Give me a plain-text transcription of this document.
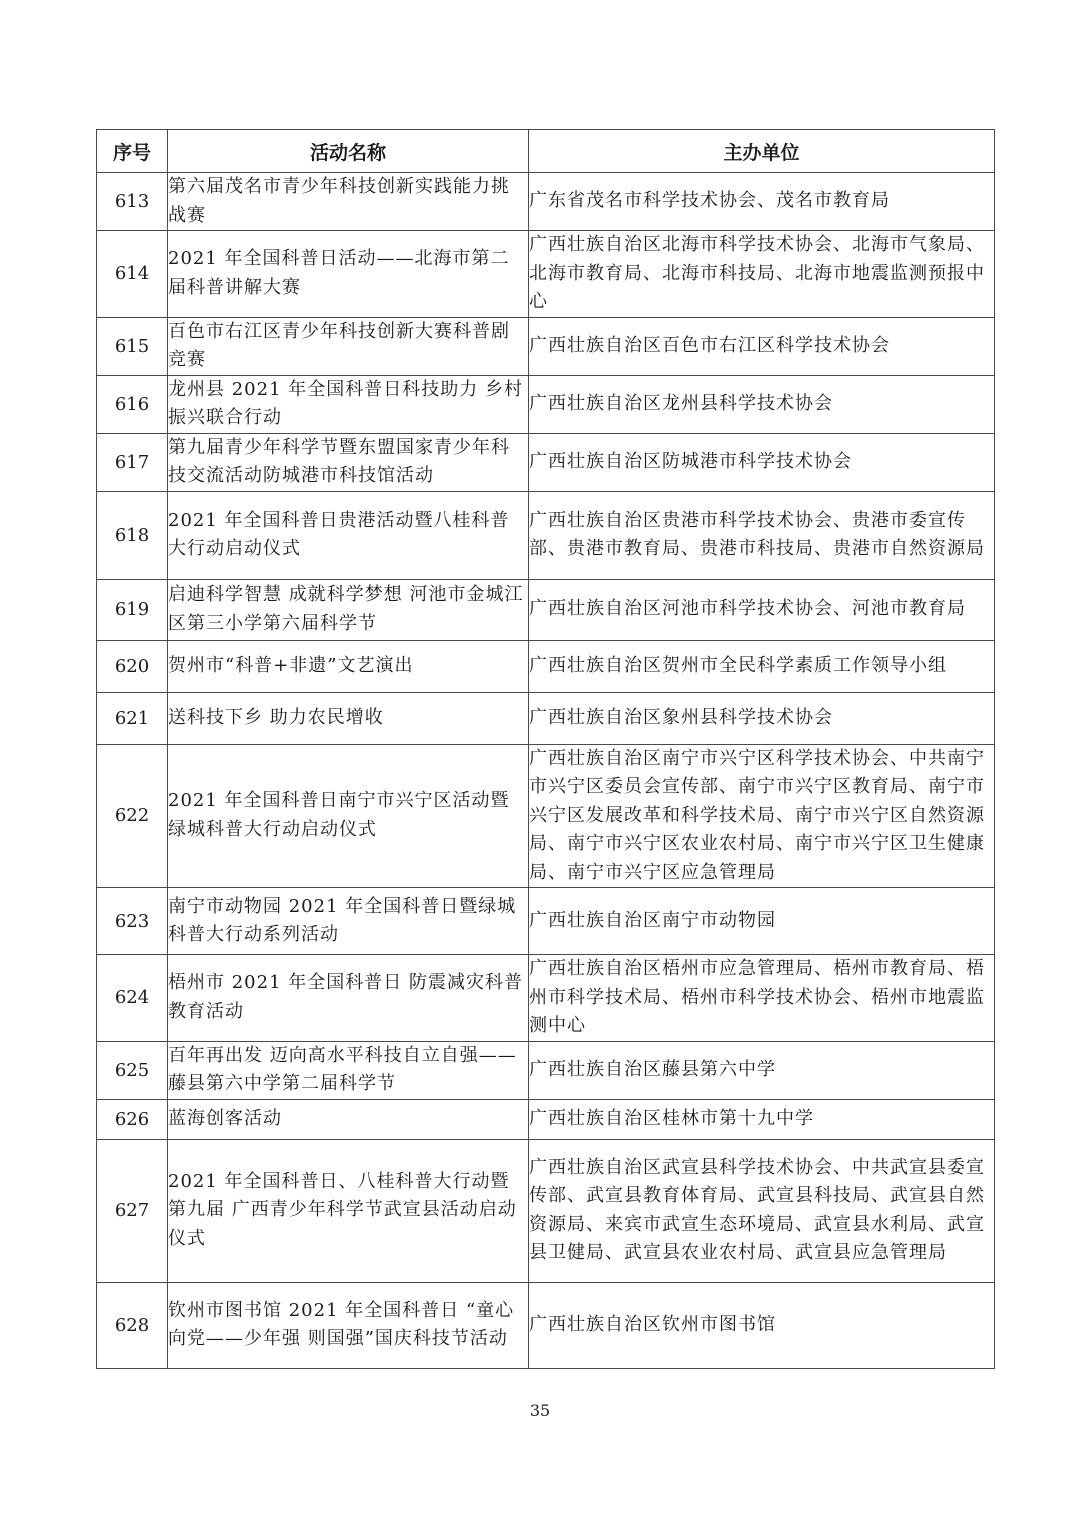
序号	活动名称	主办单位
613	第六届茂名市青少年科技创新实践能力挑战赛	广东省茂名市科学技术协会、茂名市教育局
614	2021 年全国科普日活动——北海市第二届科普讲解大赛	广西壮族自治区北海市科学技术协会、北海市气象局、北海市教育局、北海市科技局、北海市地震监测预报中心
615	百色市右江区青少年科技创新大赛科普剧竞赛	广西壮族自治区百色市右江区科学技术协会
616	龙州县 2021 年全国科普日科技助力 乡村振兴联合行动	广西壮族自治区龙州县科学技术协会
617	第九届青少年科学节暨东盟国家青少年科技交流活动防城港市科技馆活动	广西壮族自治区防城港市科学技术协会
618	2021 年全国科普日贵港活动暨八桂科普大行动启动仪式	广西壮族自治区贵港市科学技术协会、贵港市委宣传部、贵港市教育局、贵港市科技局、贵港市自然资源局
619	启迪科学智慧 成就科学梦想 河池市金城江区第三小学第六届科学节	广西壮族自治区河池市科学技术协会、河池市教育局
620	贺州市“科普+非遗”文艺演出	广西壮族自治区贺州市全民科学素质工作领导小组
621	送科技下乡 助力农民增收	广西壮族自治区象州县科学技术协会
622	2021 年全国科普日南宁市兴宁区活动暨绿城科普大行动启动仪式	广西壮族自治区南宁市兴宁区科学技术协会、中共南宁市兴宁区委员会宣传部、南宁市兴宁区教育局、南宁市兴宁区发展改革和科学技术局、南宁市兴宁区自然资源局、南宁市兴宁区农业农村局、南宁市兴宁区卫生健康局、南宁市兴宁区应急管理局
623	南宁市动物园 2021 年全国科普日暨绿城科普大行动系列活动	广西壮族自治区南宁市动物园
624	梧州市 2021 年全国科普日 防震减灾科普教育活动	广西壮族自治区梧州市应急管理局、梧州市教育局、梧州市科学技术局、梧州市科学技术协会、梧州市地震监测中心
625	百年再出发 迈向高水平科技自立自强——藤县第六中学第二届科学节	广西壮族自治区藤县第六中学
626	蓝海创客活动	广西壮族自治区桂林市第十九中学
627	2021 年全国科普日、八桂科普大行动暨第九届 广西青少年科学节武宣县活动启动仪式	广西壮族自治区武宣县科学技术协会、中共武宣县委宣传部、武宣县教育体育局、武宣县科技局、武宣县自然资源局、来宾市武宣生态环境局、武宣县水利局、武宣县卫健局、武宣县农业农村局、武宣县应急管理局
628	钦州市图书馆 2021 年全国科普日 “童心向党——少年强 则国强”国庆科技节活动	广西壮族自治区钦州市图书馆
35
